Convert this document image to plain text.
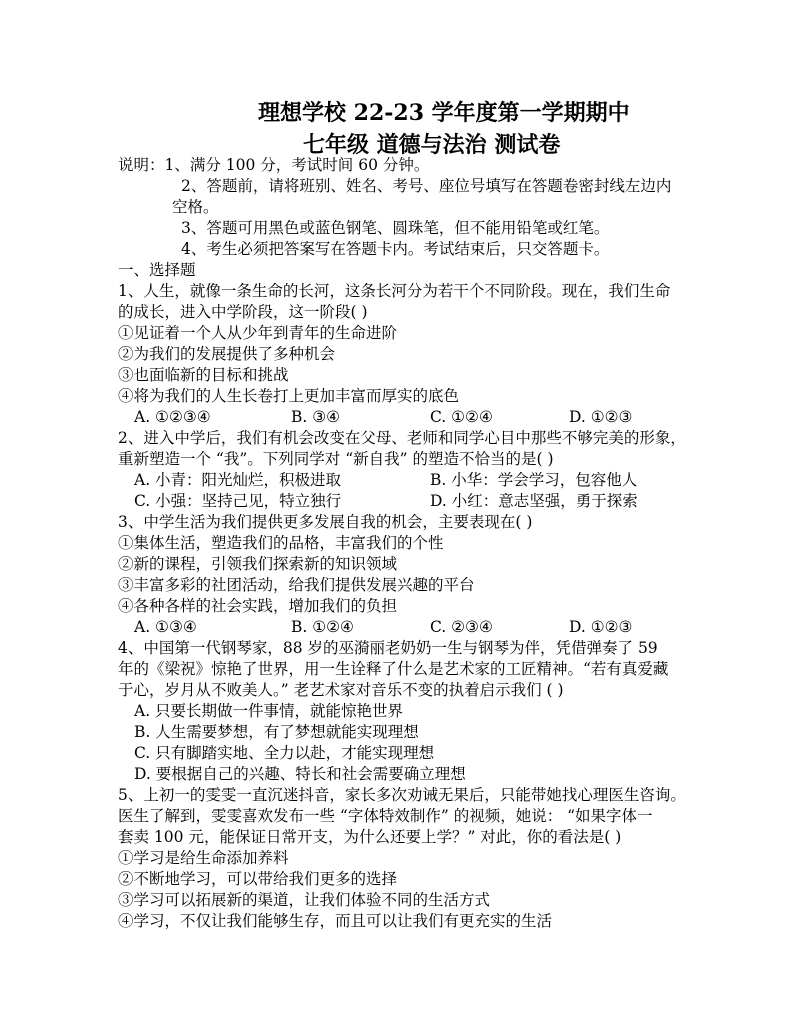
理想学校 22-23 学年度第一学期期中
七年级 道德与法治 测试卷
说明：1、满分 100 分，考试时间 60 分钟。
2、答题前，请将班别、姓名、考号、座位号填写在答题卷密封线左边内
空格。
3、答题可用黑色或蓝色钢笔、圆珠笔，但不能用铅笔或红笔。
4、考生必须把答案写在答题卡内。考试结束后，只交答题卡。
一、选择题
1、人生，就像一条生命的长河，这条长河分为若干个不同阶段。现在，我们生命
的成长，进入中学阶段，这一阶段( )
①见证着一个人从少年到青年的生命进阶
②为我们的发展提供了多种机会
③也面临新的目标和挑战
④将为我们的人生长卷打上更加丰富而厚实的底色
A. ①②③④	B. ③④	C. ①②④	D. ①②③
2、进入中学后，我们有机会改变在父母、老师和同学心目中那些不够完美的形象，
重新塑造一个 “我”。下列同学对 “新自我” 的塑造不恰当的是( )
A. 小青：阳光灿烂，积极进取	B. 小华：学会学习，包容他人
C. 小强：坚持己见，特立独行	D. 小红：意志坚强，勇于探索
3、中学生活为我们提供更多发展自我的机会，主要表现在( )
①集体生活，塑造我们的品格，丰富我们的个性
②新的课程，引领我们探索新的知识领域
③丰富多彩的社团活动，给我们提供发展兴趣的平台
④各种各样的社会实践，增加我们的负担
A. ①③④	B. ①②④	C. ②③④	D. ①②③
4、中国第一代钢琴家，88 岁的巫漪丽老奶奶一生与钢琴为伴，凭借弹奏了 59
年的《梁祝》惊艳了世界，用一生诠释了什么是艺术家的工匠精神。“若有真爱藏
于心，岁月从不败美人。” 老艺术家对音乐不变的执着启示我们 ( )
A. 只要长期做一件事情，就能惊艳世界
B. 人生需要梦想，有了梦想就能实现理想
C. 只有脚踏实地、全力以赴，才能实现理想
D. 要根据自己的兴趣、特长和社会需要确立理想
5、上初一的雯雯一直沉迷抖音，家长多次劝诫无果后，只能带她找心理医生咨询。
医生了解到，雯雯喜欢发布一些 “字体特效制作” 的视频，她说： “如果字体一
套卖 100 元，能保证日常开支，为什么还要上学？” 对此，你的看法是( )
①学习是给生命添加养料
②不断地学习，可以带给我们更多的选择
③学习可以拓展新的渠道，让我们体验不同的生活方式
④学习，不仅让我们能够生存，而且可以让我们有更充实的生活
